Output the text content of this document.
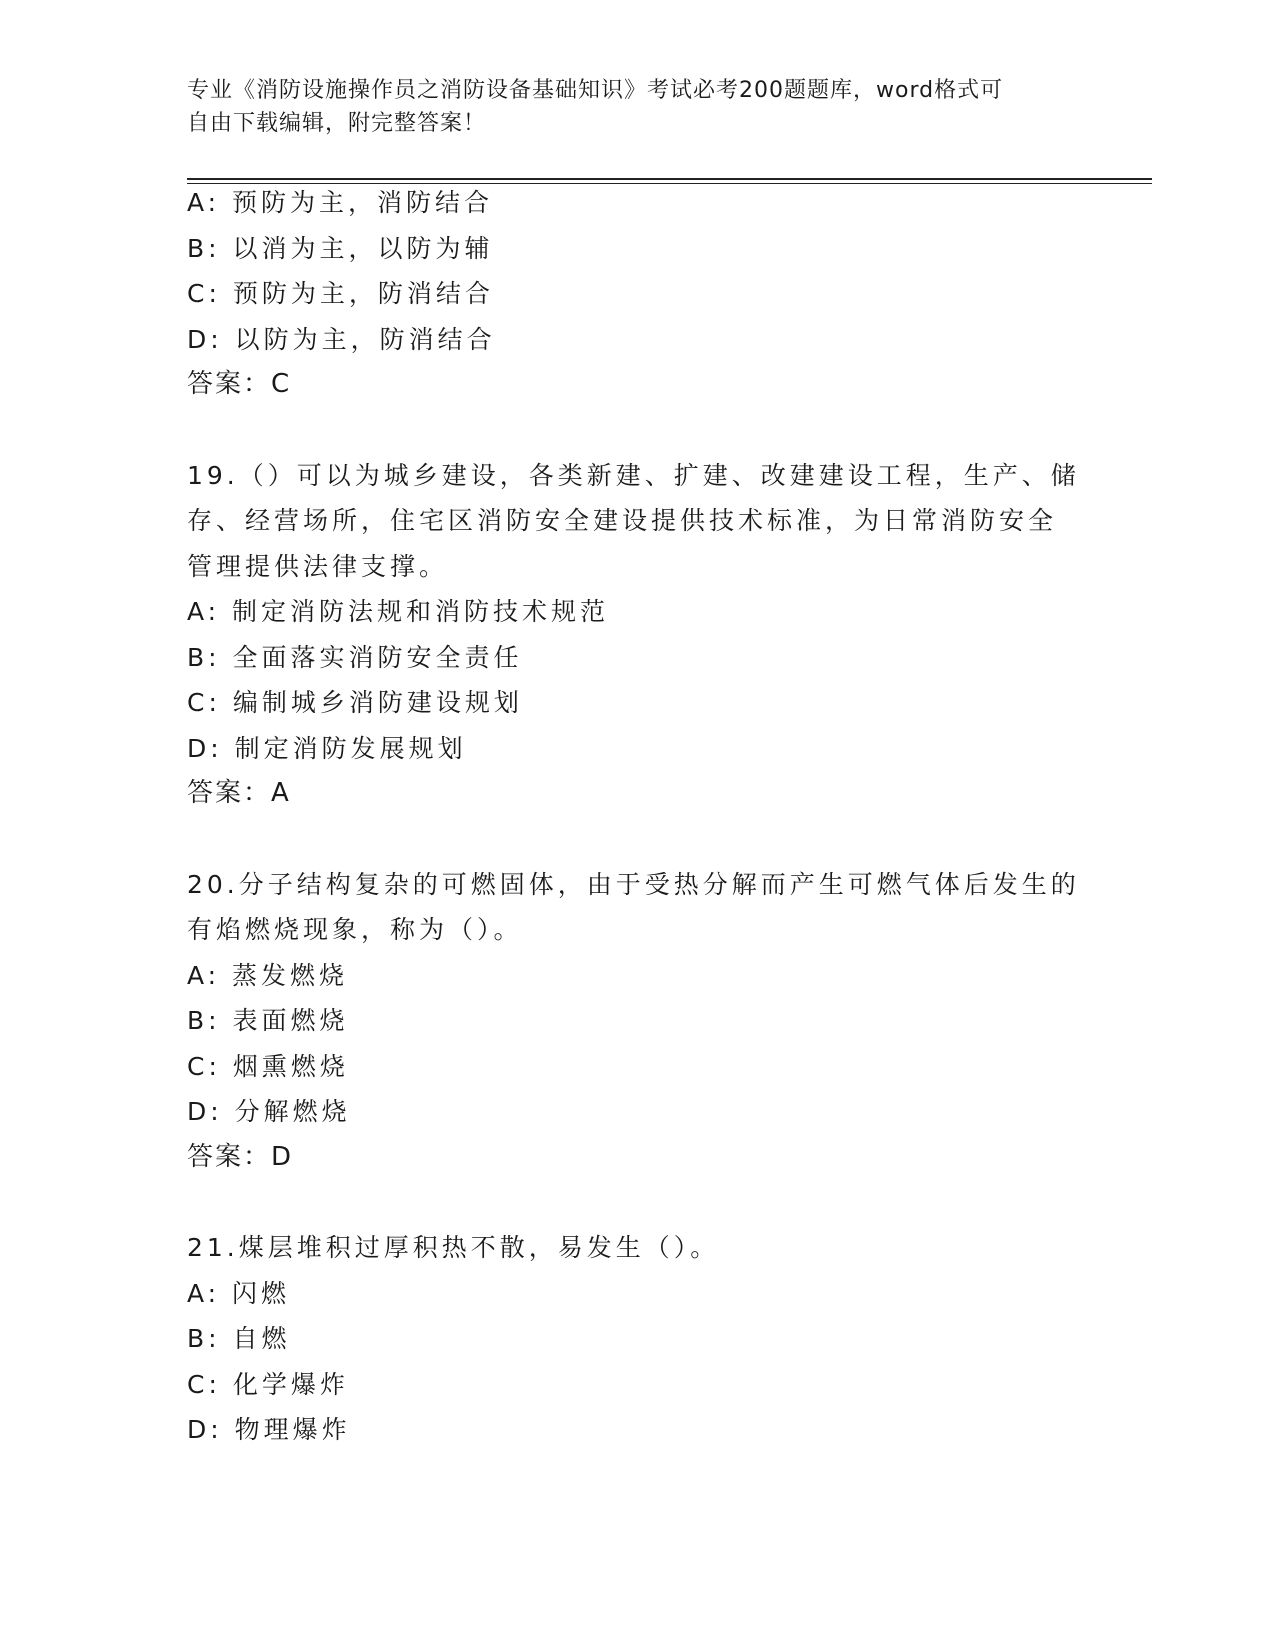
专业《消防设施操作员之消防设备基础知识》考试必考200题题库，word格式可
自由下载编辑，附完整答案！
A: 预防为主，消防结合
B: 以消为主，以防为辅
C: 预防为主，防消结合
D: 以防为主，防消结合
答案：C
19.（）可以为城乡建设，各类新建、扩建、改建建设工程，生产、储
存、经营场所，住宅区消防安全建设提供技术标准，为日常消防安全
管理提供法律支撑。
A: 制定消防法规和消防技术规范
B: 全面落实消防安全责任
C: 编制城乡消防建设规划
D: 制定消防发展规划
答案：A
20.分子结构复杂的可燃固体，由于受热分解而产生可燃气体后发生的
有焰燃烧现象，称为（）。
A: 蒸发燃烧
B: 表面燃烧
C: 烟熏燃烧
D: 分解燃烧
答案：D
21.煤层堆积过厚积热不散，易发生（）。
A: 闪燃
B: 自燃
C: 化学爆炸
D: 物理爆炸
